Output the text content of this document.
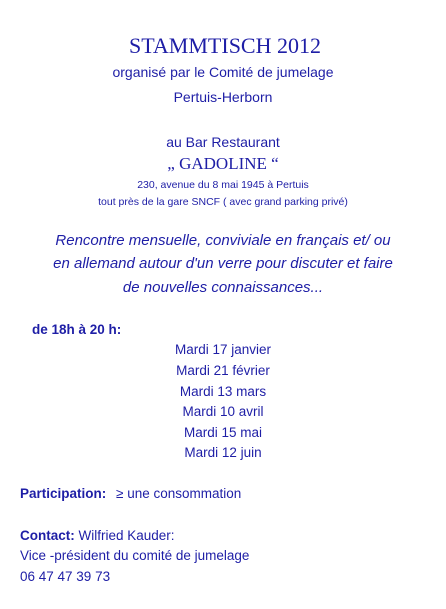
STAMMTISCH 2012
organisé par le Comité de jumelage
Pertuis-Herborn
au Bar Restaurant
„ GADOLINE “
230, avenue du 8 mai 1945 à Pertuis
tout près de la gare SNCF ( avec grand parking privé)
Rencontre mensuelle, conviviale en français et/ ou
en allemand autour d'un verre pour discuter et faire
de nouvelles connaissances...
de 18h à 20 h:
Mardi 17 janvier
Mardi 21 février
Mardi 13 mars
Mardi 10 avril
Mardi 15 mai
Mardi 12 juin
Participation: ≥ une consommation
Contact: Wilfried Kauder:
Vice -président du comité de jumelage
06 47 47 39 73
